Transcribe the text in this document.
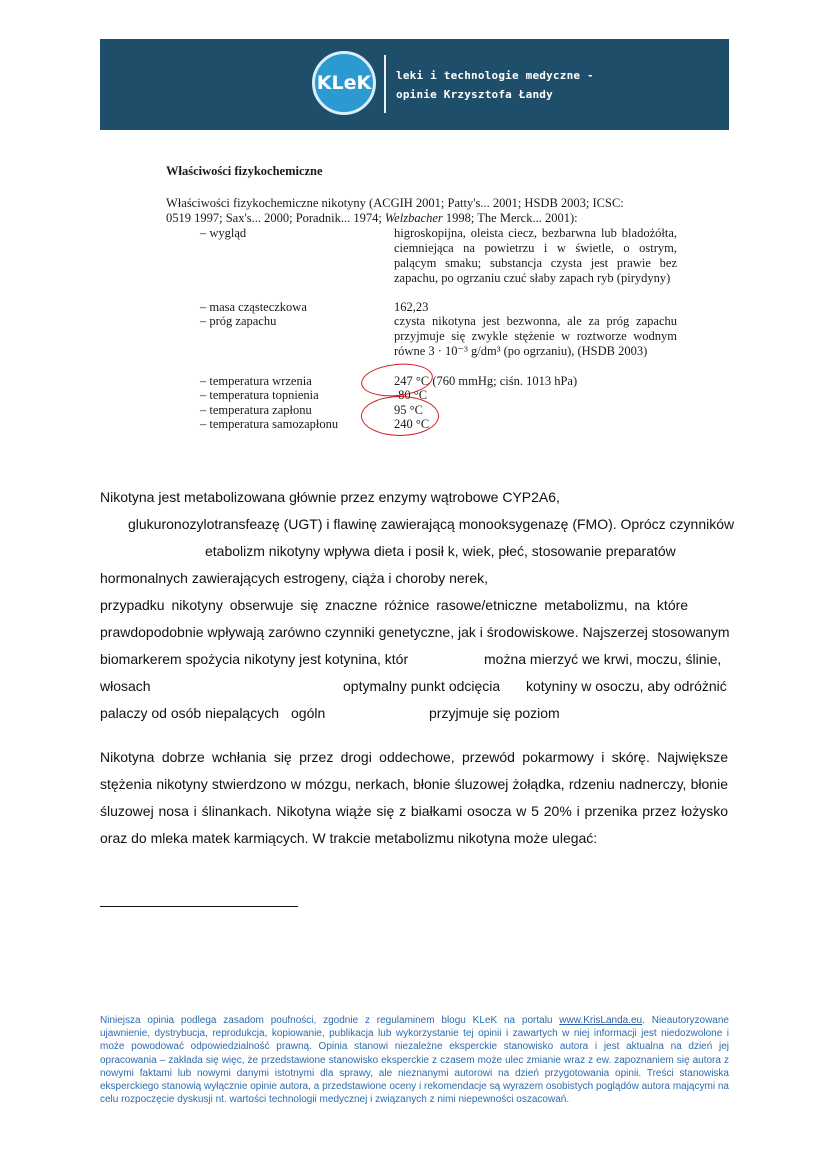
KLeK	leki i technologie medyczne -
opinie Krzysztofa Łandy
Właściwości fizykochemiczne
Właściwości fizykochemiczne nikotyny (ACGIH 2001; Patty's... 2001; HSDB 2003; ICSC:
0519 1997; Sax's... 2000; Poradnik... 1974; Welzbacher 1998; The Merck... 2001):
– wygląd	higroskopijna, oleista ciecz, bezbarwna lub bladożółta, ciemniejąca na powietrzu i w świetle, o ostrym, palącym smaku; substancja czysta jest prawie bez zapachu, po ogrzaniu czuć słaby zapach ryb (pirydyny)
– masa cząsteczkowa	162,23
– próg zapachu	czysta nikotyna jest bezwonna, ale za próg zapachu przyjmuje się zwykle stężenie w roztworze wodnym równe 3 · 10⁻³ g/dm³ (po ogrzaniu), (HSDB 2003)
– temperatura wrzenia	247 °C (760 mmHg; ciśn. 1013 hPa)
– temperatura topnienia	-80 °C
– temperatura zapłonu	95 °C
– temperatura samozapłonu	240 °C
Nikotyna jest metabolizowana głównie przez enzymy wątrobowe CYP2A6,
glukuronozylotransfeazę (UGT) i flawinę zawierającą monooksygenazę (FMO). Oprócz czynników
etabolizm nikotyny wpływa dieta i posił k, wiek, płeć, stosowanie preparatów
hormonalnych zawierających estrogeny, ciąża i choroby nerek,
przypadku nikotyny obserwuje się znaczne różnice rasowe/etniczne metabolizmu, na które
prawdopodobnie wpływają zarówno czynniki genetyczne, jak i środowiskowe. Najszerzej stosowanym
biomarkerem spożycia nikotyny jest kotynina, któr	można mierzyć we krwi, moczu, ślinie,
włosach	optymalny punkt odcięcia kotyniny w osoczu, aby odróżnić
palaczy od osób niepalących ogóln	przyjmuje się poziom
Nikotyna dobrze wchłania się przez drogi oddechowe, przewód pokarmowy i skórę. Największe stężenia nikotyny stwierdzono w mózgu, nerkach, błonie śluzowej żołądka, rdzeniu nadnerczy, błonie śluzowej nosa i ślinankach. Nikotyna wiąże się z białkami osocza w 5 20% i przenika przez łożysko oraz do mleka matek karmiących. W trakcie metabolizmu nikotyna może ulegać:
Niniejsza opinia podlega zasadom poufności, zgodnie z regulaminem blogu KLeK na portalu www.KrisLanda.eu. Nieautoryzowane ujawnienie, dystrybucja, reprodukcja, kopiowanie, publikacja lub wykorzystanie tej opinii i zawartych w niej informacji jest niedozwolone i może powodować odpowiedzialność prawną. Opinia stanowi niezależne eksperckie stanowisko autora i jest aktualna na dzień jej opracowania – zakłada się więc, że przedstawione stanowisko eksperckie z czasem może ulec zmianie wraz z ew. zapoznaniem się autora z nowymi faktami lub nowymi danymi istotnymi dla sprawy, ale nieznanymi autorowi na dzień przygotowania opinii. Treści stanowiska eksperckiego stanowią wyłącznie opinie autora, a przedstawione oceny i rekomendacje są wyrazem osobistych poglądów autora mającymi na celu rozpoczęcie dyskusji nt. wartości technologii medycznej i związanych z nimi niepewności oszacowań.
